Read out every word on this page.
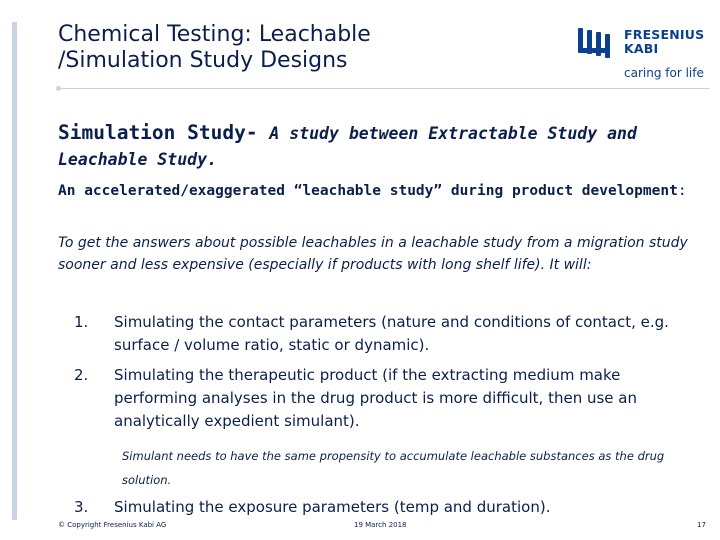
Chemical Testing: Leachable
/Simulation Study Designs
FRESENIUS
KABI
caring for life
Simulation Study- A study between Extractable Study and Leachable Study.
An accelerated/exaggerated “leachable study” during product development:
To get the answers about possible leachables in a leachable study from a migration study sooner and less expensive (especially if products with long shelf life). It will:
1.	Simulating the contact parameters (nature and conditions of contact, e.g. surface / volume ratio, static or dynamic).
2.	Simulating the therapeutic product (if the extracting medium make performing analyses in the drug product is more difficult, then use an analytically expedient simulant).
Simulant needs to have the same propensity to accumulate leachable substances as the drug solution.
3.	Simulating the exposure parameters (temp and duration).
© Copyright Fresenius Kabi AG	19 March 2018	17
